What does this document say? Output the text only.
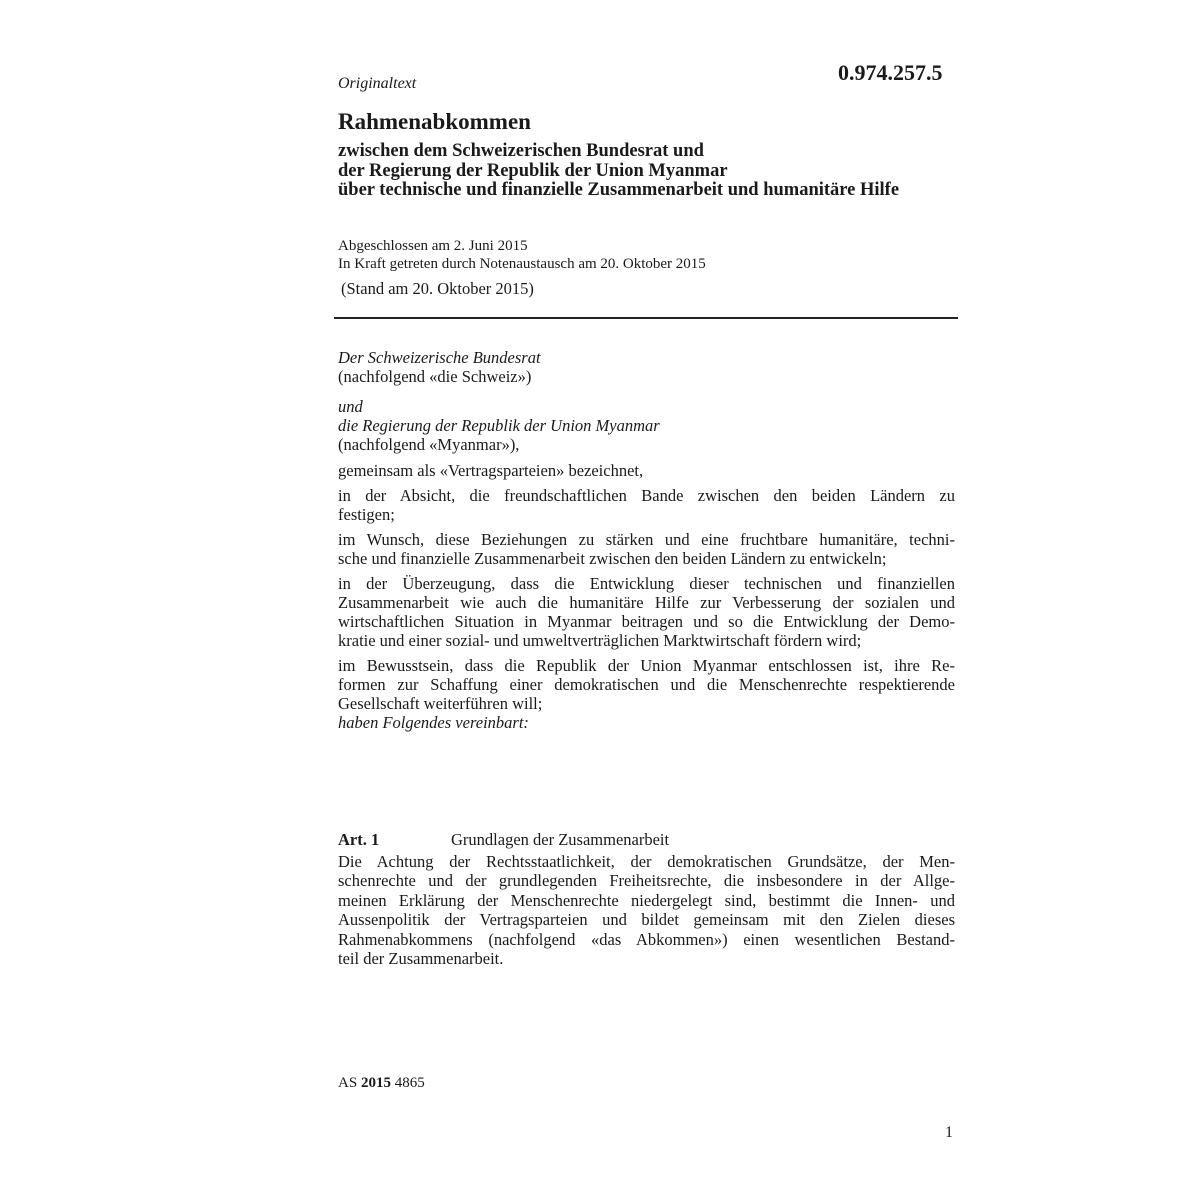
0.974.257.5
Originaltext
Rahmenabkommen
zwischen dem Schweizerischen Bundesrat und
der Regierung der Republik der Union Myanmar
über technische und finanzielle Zusammenarbeit und humanitäre Hilfe
Abgeschlossen am 2. Juni 2015
In Kraft getreten durch Notenaustausch am 20. Oktober 2015
(Stand am 20. Oktober 2015)
Der Schweizerische Bundesrat
(nachfolgend «die Schweiz»)
und
die Regierung der Republik der Union Myanmar
(nachfolgend «Myanmar»),
gemeinsam als «Vertragsparteien» bezeichnet,
in der Absicht, die freundschaftlichen Bande zwischen den beiden Ländern zu
festigen;
im Wunsch, diese Beziehungen zu stärken und eine fruchtbare humanitäre, techni-
sche und finanzielle Zusammenarbeit zwischen den beiden Ländern zu entwickeln;
in der Überzeugung, dass die Entwicklung dieser technischen und finanziellen
Zusammenarbeit wie auch die humanitäre Hilfe zur Verbesserung der sozialen und
wirtschaftlichen Situation in Myanmar beitragen und so die Entwicklung der Demo-
kratie und einer sozial- und umweltverträglichen Marktwirtschaft fördern wird;
im Bewusstsein, dass die Republik der Union Myanmar entschlossen ist, ihre Re-
formen zur Schaffung einer demokratischen und die Menschenrechte respektierende
Gesellschaft weiterführen will;
haben Folgendes vereinbart:
Art. 1	Grundlagen der Zusammenarbeit
Die Achtung der Rechtsstaatlichkeit, der demokratischen Grundsätze, der Men-
schenrechte und der grundlegenden Freiheitsrechte, die insbesondere in der Allge-
meinen Erklärung der Menschenrechte niedergelegt sind, bestimmt die Innen- und
Aussenpolitik der Vertragsparteien und bildet gemeinsam mit den Zielen dieses
Rahmenabkommens (nachfolgend «das Abkommen») einen wesentlichen Bestand-
teil der Zusammenarbeit.
AS 2015 4865
1
